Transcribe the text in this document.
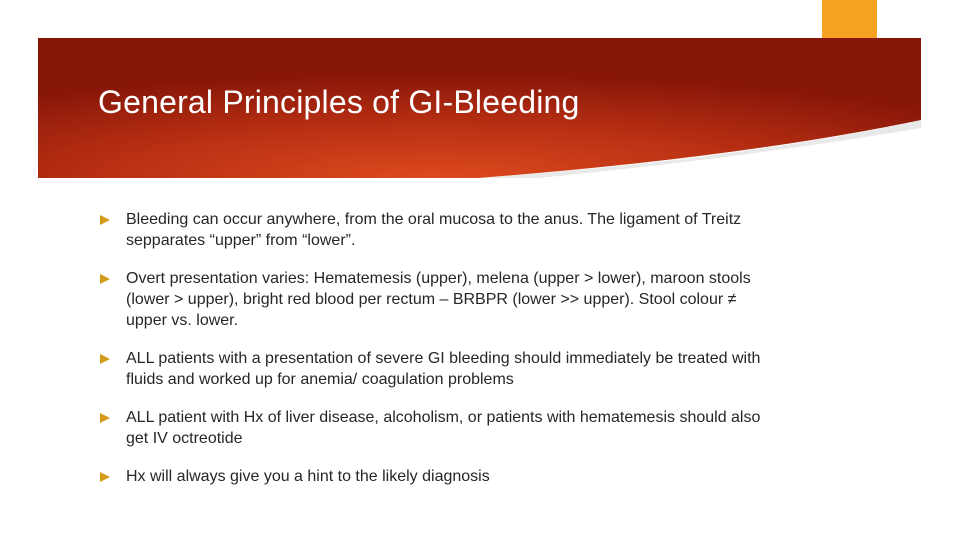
General Principles of GI-Bleeding
Bleeding can occur anywhere, from the oral mucosa to the anus. The ligament of Treitz sepparates “upper” from “lower”.
Overt presentation varies: Hematemesis (upper), melena (upper > lower), maroon stools (lower > upper), bright red blood per rectum – BRBPR (lower >> upper). Stool colour ≠ upper vs. lower.
ALL patients with a presentation of severe GI bleeding should immediately be treated with fluids and worked up for anemia/ coagulation problems
ALL patient with Hx of liver disease, alcoholism, or patients with hematemesis should also get IV octreotide
Hx will always give you a hint to the likely diagnosis
